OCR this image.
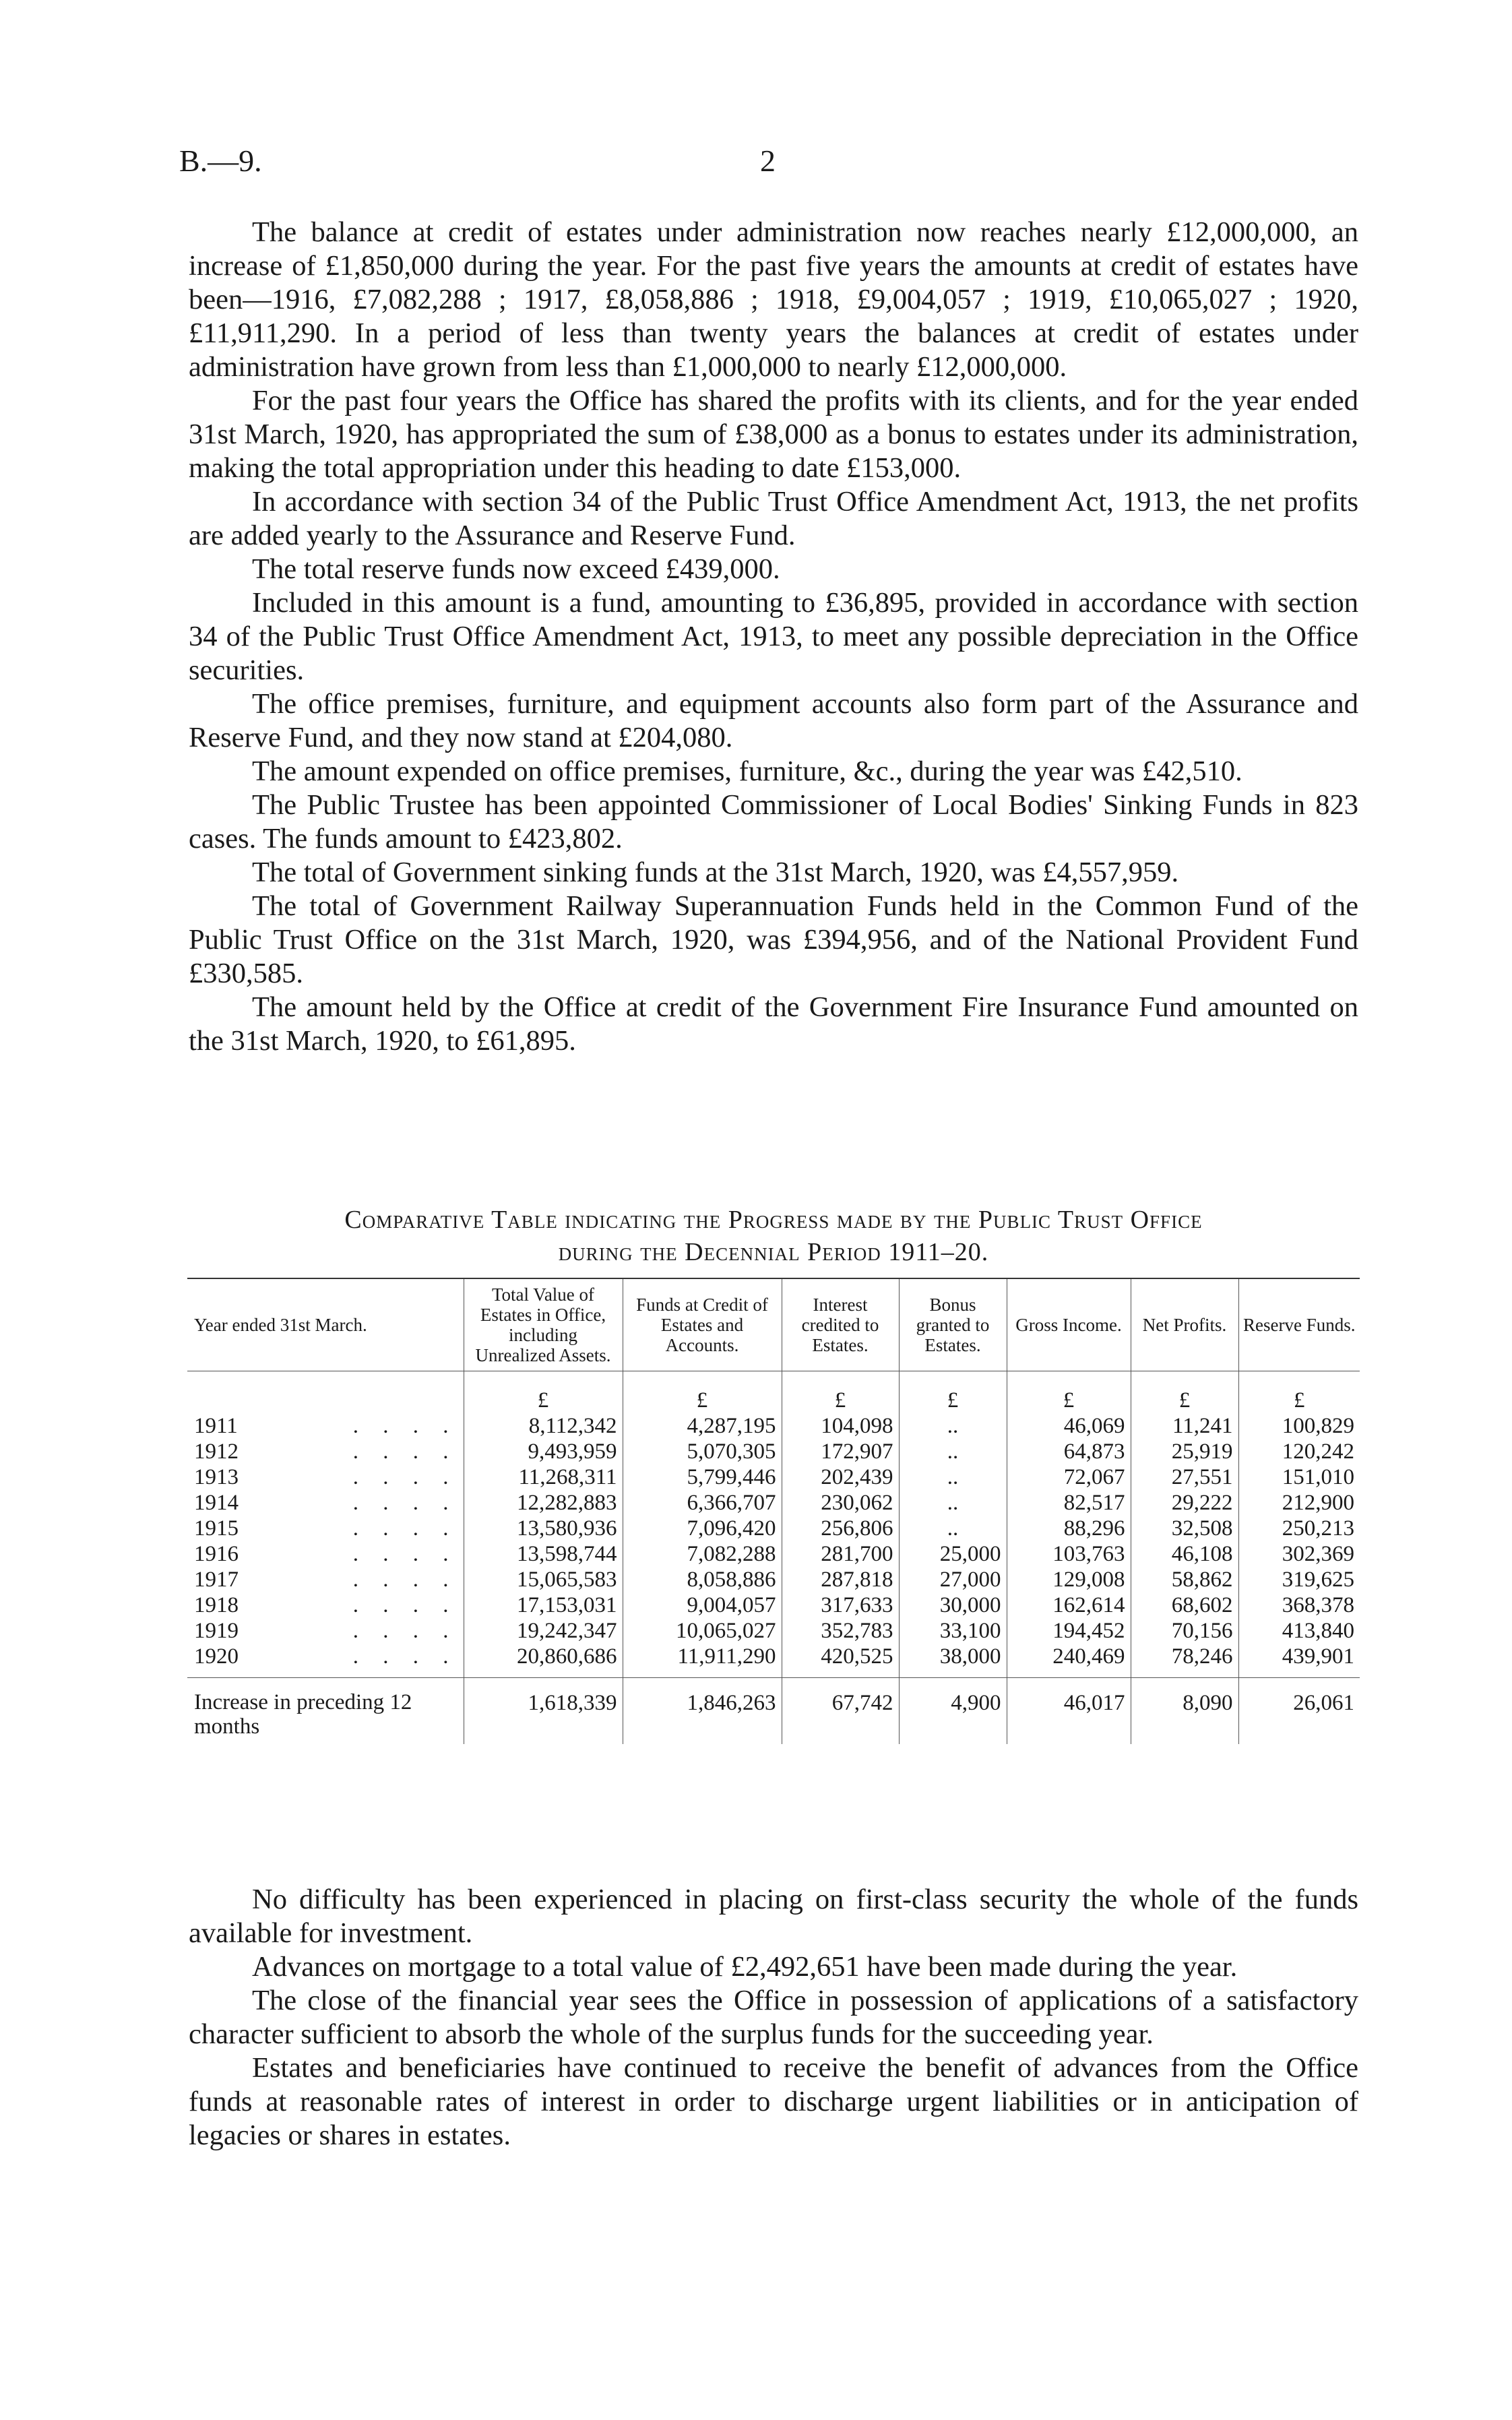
B.—9.	2

The balance at credit of estates under administration now reaches nearly £12,000,000, an increase of £1,850,000 during the year. For the past five years the amounts at credit of estates have been—1916, £7,082,288 ; 1917, £8,058,886 ; 1918, £9,004,057 ; 1919, £10,065,027 ; 1920, £11,911,290. In a period of less than twenty years the balances at credit of estates under administration have grown from less than £1,000,000 to nearly £12,000,000.

For the past four years the Office has shared the profits with its clients, and for the year ended 31st March, 1920, has appropriated the sum of £38,000 as a bonus to estates under its administration, making the total appropriation under this heading to date £153,000.

In accordance with section 34 of the Public Trust Office Amendment Act, 1913, the net profits are added yearly to the Assurance and Reserve Fund.

The total reserve funds now exceed £439,000.

Included in this amount is a fund, amounting to £36,895, provided in accordance with section 34 of the Public Trust Office Amendment Act, 1913, to meet any possible depreciation in the Office securities.

The office premises, furniture, and equipment accounts also form part of the Assurance and Reserve Fund, and they now stand at £204,080.

The amount expended on office premises, furniture, &c., during the year was £42,510.

The Public Trustee has been appointed Commissioner of Local Bodies' Sinking Funds in 823 cases. The funds amount to £423,802.

The total of Government sinking funds at the 31st March, 1920, was £4,557,959.

The total of Government Railway Superannuation Funds held in the Common Fund of the Public Trust Office on the 31st March, 1920, was £394,956, and of the National Provident Fund £330,585.

The amount held by the Office at credit of the Government Fire Insurance Fund amounted on the 31st March, 1920, to £61,895.

Comparative Table indicating the Progress made by the Public Trust Office
during the Decennial Period 1911–20.
Year ended 31st March.	Total Value of Estates in Office, including Unrealized Assets.	Funds at Credit of Estates and Accounts.	Interest credited to Estates.	Bonus granted to Estates.	Gross Income.	Net Profits.	Reserve Funds.
	£	£	£	£	£	£	£
1911 . . . .	8,112,342	4,287,195	104,098	..	46,069	11,241	100,829
1912 . . . .	9,493,959	5,070,305	172,907	..	64,873	25,919	120,242
1913 . . . .	11,268,311	5,799,446	202,439	..	72,067	27,551	151,010
1914 . . . .	12,282,883	6,366,707	230,062	..	82,517	29,222	212,900
1915 . . . .	13,580,936	7,096,420	256,806	..	88,296	32,508	250,213
1916 . . . .	13,598,744	7,082,288	281,700	25,000	103,763	46,108	302,369
1917 . . . .	15,065,583	8,058,886	287,818	27,000	129,008	58,862	319,625
1918 . . . .	17,153,031	9,004,057	317,633	30,000	162,614	68,602	368,378
1919 . . . .	19,242,347	10,065,027	352,783	33,100	194,452	70,156	413,840
1920 . . . .	20,860,686	11,911,290	420,525	38,000	240,469	78,246	439,901
Increase in preceding 12 months	1,618,339	1,846,263	67,742	4,900	46,017	8,090	26,061

No difficulty has been experienced in placing on first-class security the whole of the funds available for investment.

Advances on mortgage to a total value of £2,492,651 have been made during the year.

The close of the financial year sees the Office in possession of applications of a satisfactory character sufficient to absorb the whole of the surplus funds for the succeeding year.

Estates and beneficiaries have continued to receive the benefit of advances from the Office funds at reasonable rates of interest in order to discharge urgent liabilities or in anticipation of legacies or shares in estates.
